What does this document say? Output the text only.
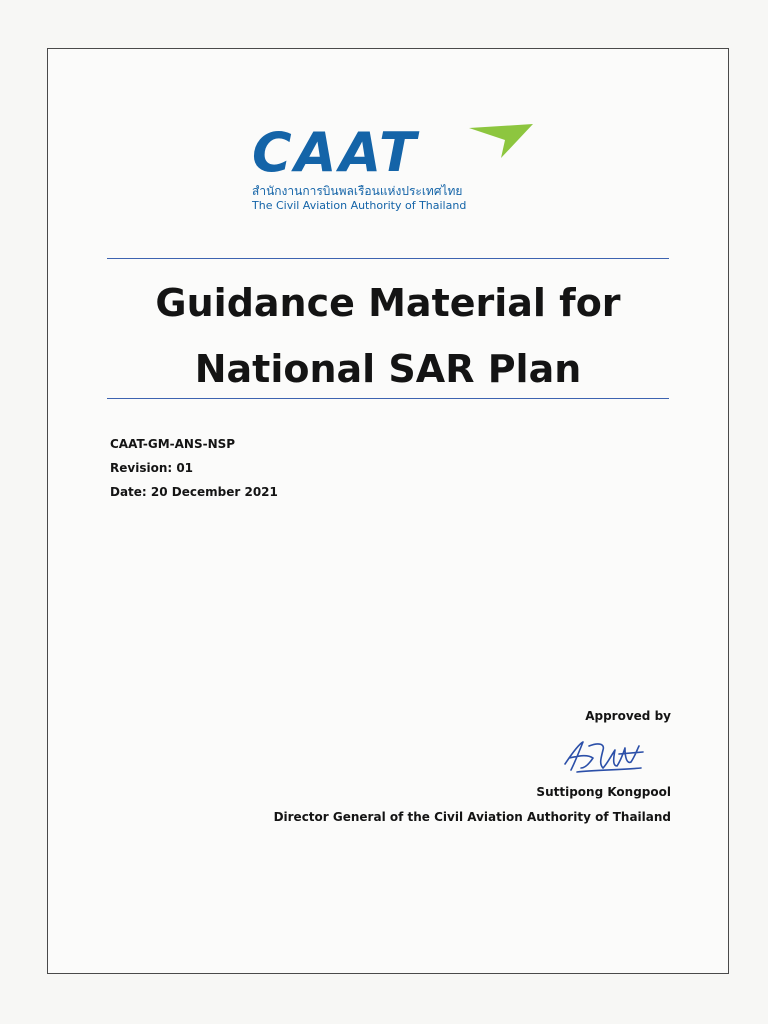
CAAT
สำนักงานการบินพลเรือนแห่งประเทศไทย
The Civil Aviation Authority of Thailand
Guidance Material for
National SAR Plan
CAAT-GM-ANS-NSP
Revision: 01
Date: 20 December 2021
Approved by
Suttipong Kongpool
Director General of the Civil Aviation Authority of Thailand
